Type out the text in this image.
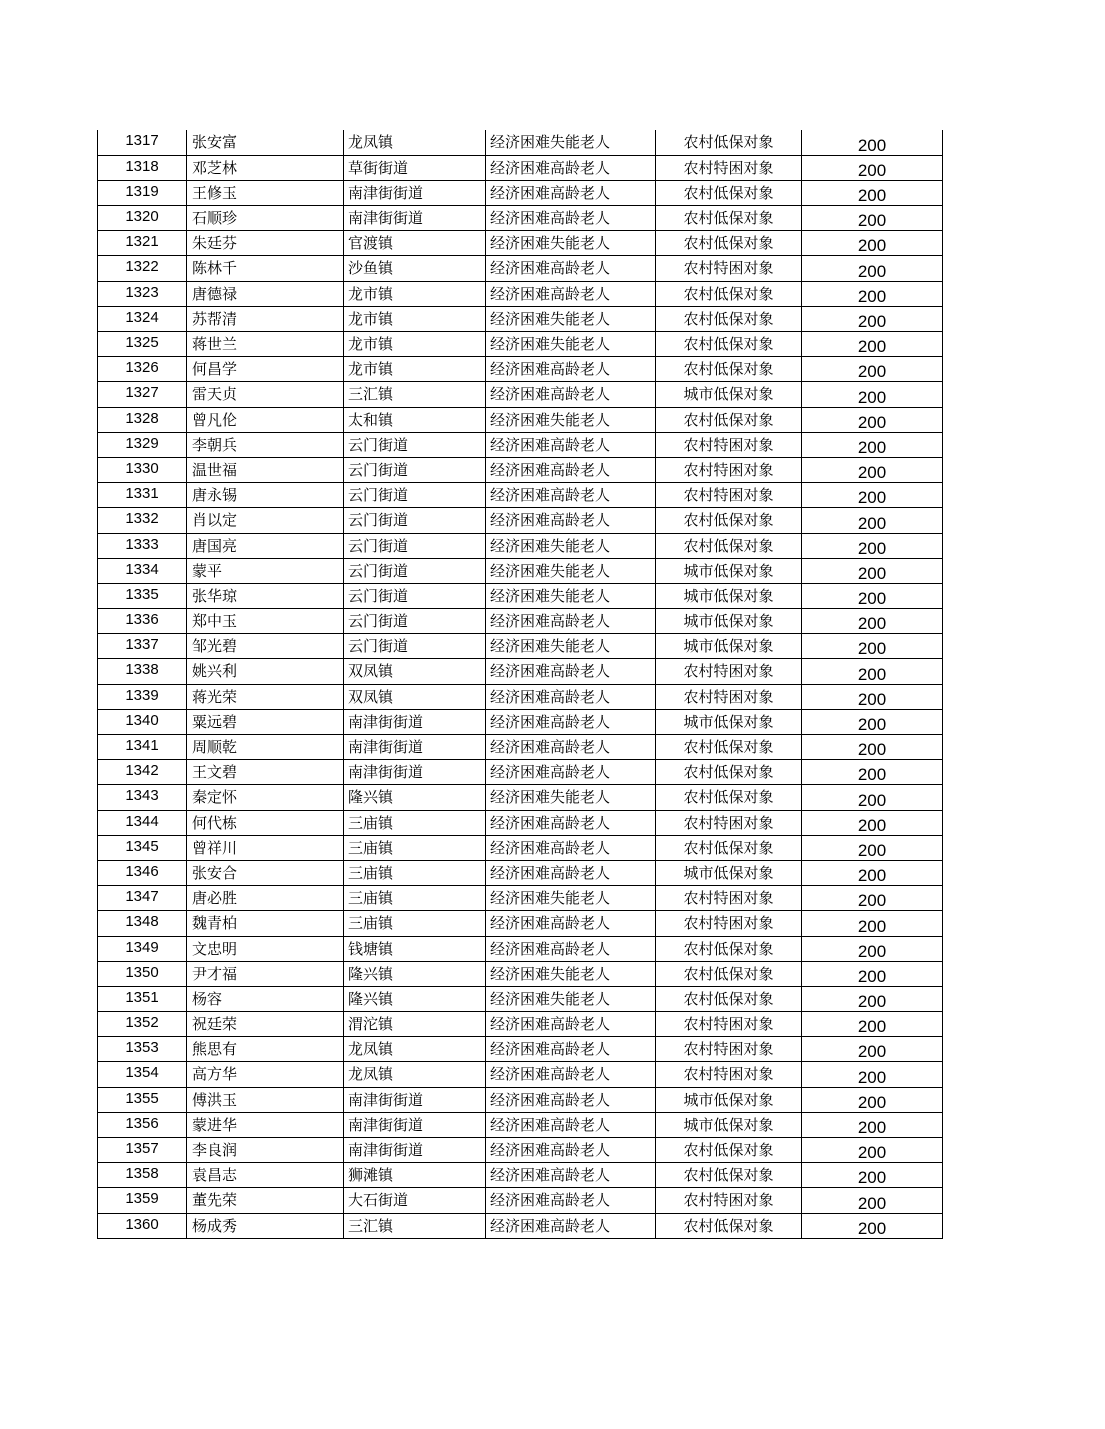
1317	张安富	龙凤镇	经济困难失能老人	农村低保对象	200
1318	邓芝林	草街街道	经济困难高龄老人	农村特困对象	200
1319	王修玉	南津街街道	经济困难高龄老人	农村低保对象	200
1320	石顺珍	南津街街道	经济困难高龄老人	农村低保对象	200
1321	朱廷芬	官渡镇	经济困难失能老人	农村低保对象	200
1322	陈林千	沙鱼镇	经济困难高龄老人	农村特困对象	200
1323	唐德禄	龙市镇	经济困难高龄老人	农村低保对象	200
1324	苏帮清	龙市镇	经济困难失能老人	农村低保对象	200
1325	蒋世兰	龙市镇	经济困难失能老人	农村低保对象	200
1326	何昌学	龙市镇	经济困难高龄老人	农村低保对象	200
1327	雷天贞	三汇镇	经济困难高龄老人	城市低保对象	200
1328	曾凡伦	太和镇	经济困难失能老人	农村低保对象	200
1329	李朝兵	云门街道	经济困难高龄老人	农村特困对象	200
1330	温世福	云门街道	经济困难高龄老人	农村特困对象	200
1331	唐永锡	云门街道	经济困难高龄老人	农村特困对象	200
1332	肖以定	云门街道	经济困难高龄老人	农村低保对象	200
1333	唐国亮	云门街道	经济困难失能老人	农村低保对象	200
1334	蒙平	云门街道	经济困难失能老人	城市低保对象	200
1335	张华琼	云门街道	经济困难失能老人	城市低保对象	200
1336	郑中玉	云门街道	经济困难高龄老人	城市低保对象	200
1337	邹光碧	云门街道	经济困难失能老人	城市低保对象	200
1338	姚兴利	双凤镇	经济困难高龄老人	农村特困对象	200
1339	蒋光荣	双凤镇	经济困难高龄老人	农村特困对象	200
1340	粟远碧	南津街街道	经济困难高龄老人	城市低保对象	200
1341	周顺乾	南津街街道	经济困难高龄老人	农村低保对象	200
1342	王文碧	南津街街道	经济困难高龄老人	农村低保对象	200
1343	秦定怀	隆兴镇	经济困难失能老人	农村低保对象	200
1344	何代栋	三庙镇	经济困难高龄老人	农村特困对象	200
1345	曾祥川	三庙镇	经济困难高龄老人	农村低保对象	200
1346	张安合	三庙镇	经济困难高龄老人	城市低保对象	200
1347	唐必胜	三庙镇	经济困难失能老人	农村特困对象	200
1348	魏青柏	三庙镇	经济困难高龄老人	农村特困对象	200
1349	文忠明	钱塘镇	经济困难高龄老人	农村低保对象	200
1350	尹才福	隆兴镇	经济困难失能老人	农村低保对象	200
1351	杨容	隆兴镇	经济困难失能老人	农村低保对象	200
1352	祝廷荣	渭沱镇	经济困难高龄老人	农村特困对象	200
1353	熊思有	龙凤镇	经济困难高龄老人	农村特困对象	200
1354	高方华	龙凤镇	经济困难高龄老人	农村特困对象	200
1355	傅洪玉	南津街街道	经济困难高龄老人	城市低保对象	200
1356	蒙进华	南津街街道	经济困难高龄老人	城市低保对象	200
1357	李良润	南津街街道	经济困难高龄老人	农村低保对象	200
1358	袁昌志	狮滩镇	经济困难高龄老人	农村低保对象	200
1359	董先荣	大石街道	经济困难高龄老人	农村特困对象	200
1360	杨成秀	三汇镇	经济困难高龄老人	农村低保对象	200
